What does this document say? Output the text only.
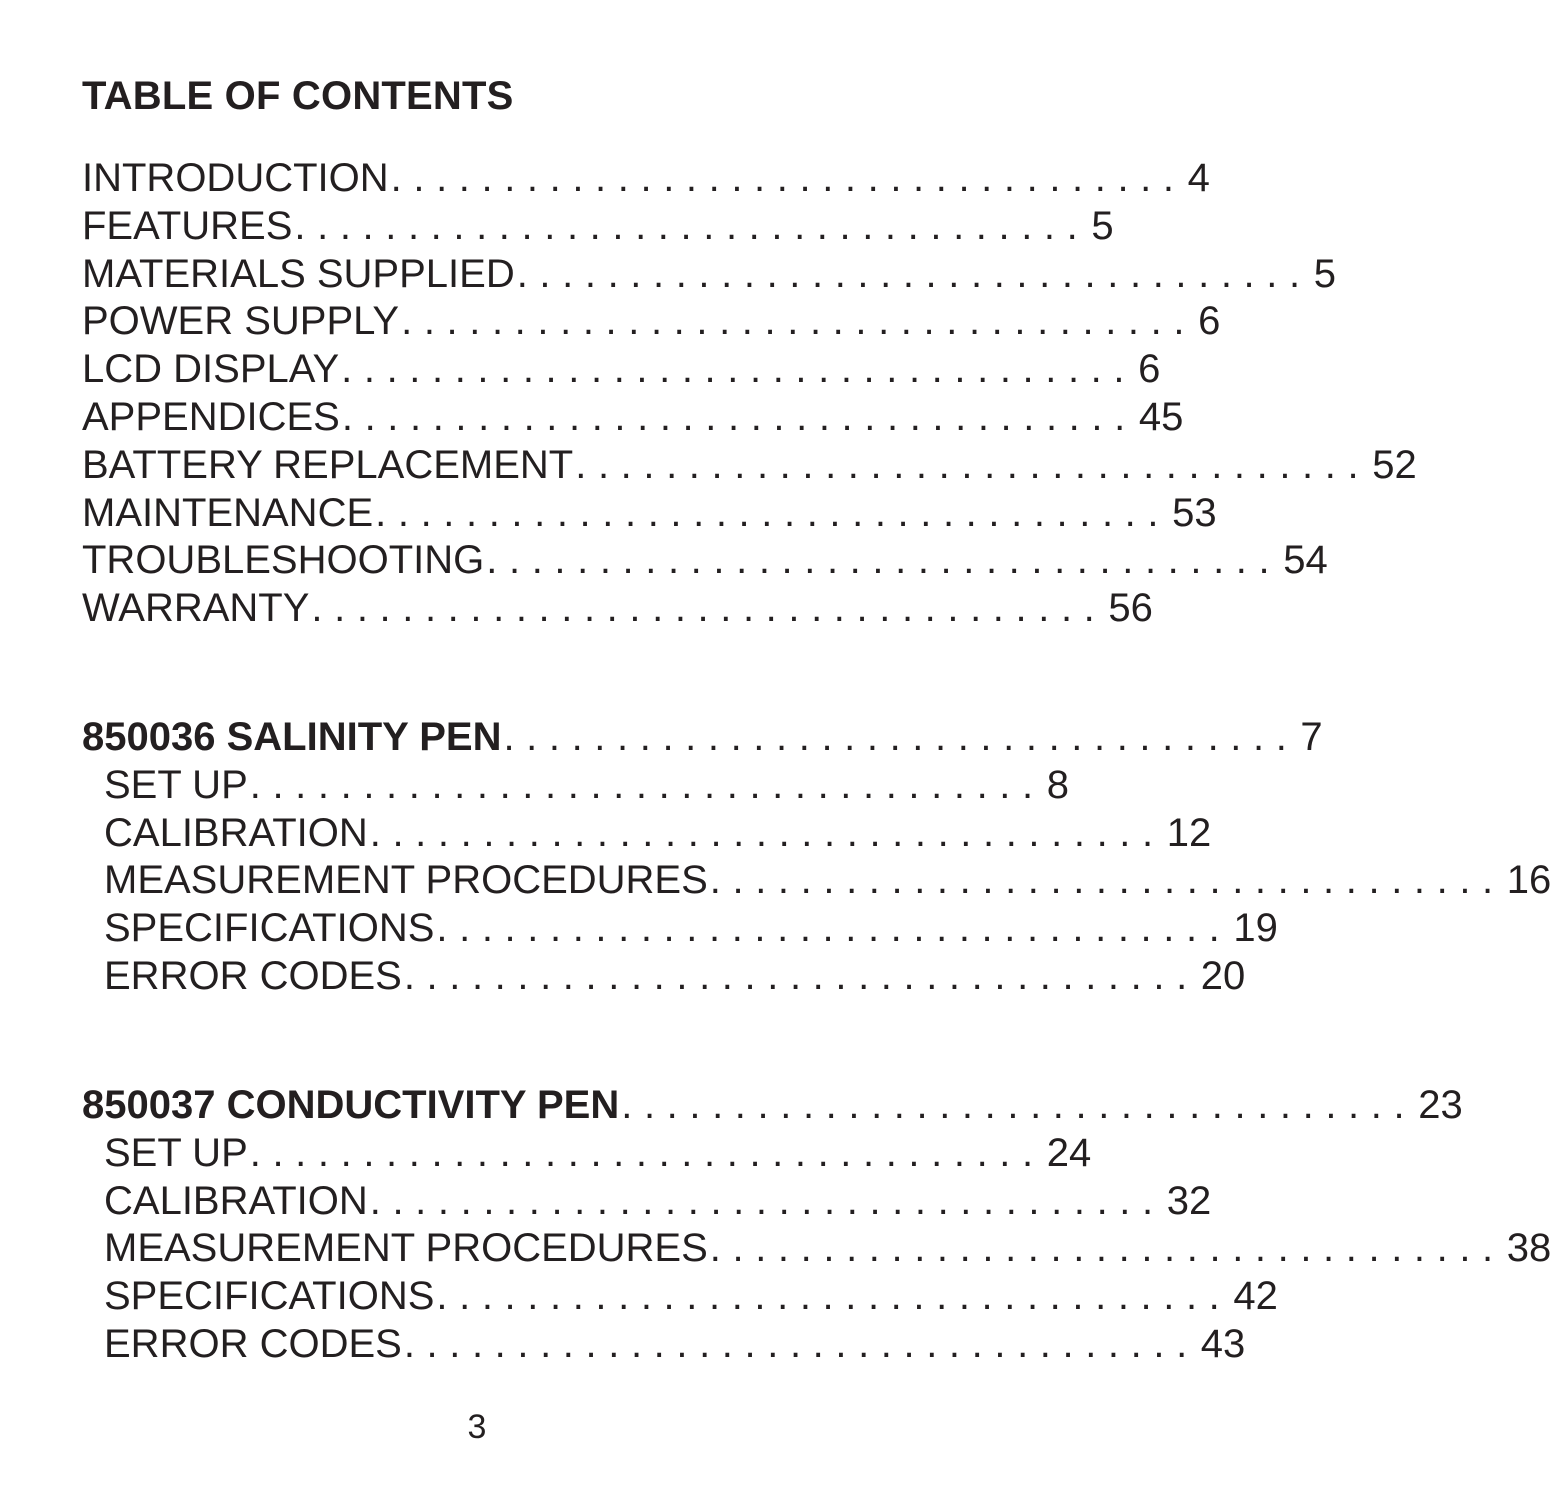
TABLE OF CONTENTS
INTRODUCTION ................................... 4
FEATURES ................................... 5
MATERIALS SUPPLIED ................................... 5
POWER SUPPLY ................................... 6
LCD DISPLAY ................................... 6
APPENDICES ................................... 45
BATTERY REPLACEMENT ................................... 52
MAINTENANCE ................................... 53
TROUBLESHOOTING ................................... 54
WARRANTY ................................... 56
850036 SALINITY PEN ................................... 7
SET UP ................................... 8
CALIBRATION ................................... 12
MEASUREMENT PROCEDURES ................................... 16
SPECIFICATIONS ................................... 19
ERROR CODES ................................... 20
850037 CONDUCTIVITY PEN ................................... 23
SET UP ................................... 24
CALIBRATION ................................... 32
MEASUREMENT PROCEDURES ................................... 38
SPECIFICATIONS ................................... 42
ERROR CODES ................................... 43
3
